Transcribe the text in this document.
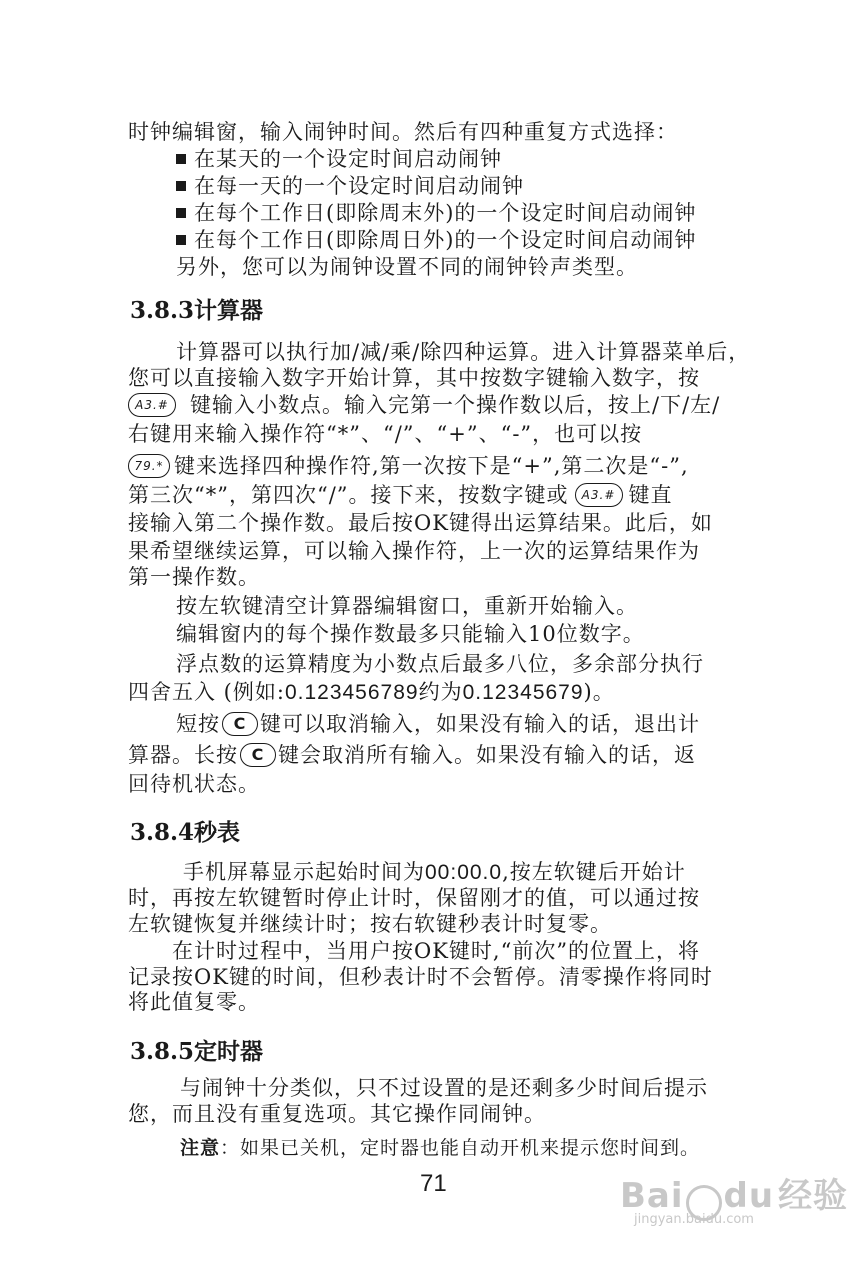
时钟编辑窗，输入闹钟时间。然后有四种重复方式选择：
在某天的一个设定时间启动闹钟
在每一天的一个设定时间启动闹钟
在每个工作日(即除周末外)的一个设定时间启动闹钟
在每个工作日(即除周日外)的一个设定时间启动闹钟
另外，您可以为闹钟设置不同的闹钟铃声类型。
3.8.3计算器
计算器可以执行加/减/乘/除四种运算。进入计算器菜单后，
您可以直接输入数字开始计算，其中按数字键输入数字，按
A3.# 键输入小数点。输入完第一个操作数以后，按上/下/左/
右键用来输入操作符“*”、“/”、“+”、“-”，也可以按
79.* 键来选择四种操作符,第一次按下是“+”,第二次是“-”,
第三次“*”，第四次“/”。接下来，按数字键或 A3.# 键直
接输入第二个操作数。最后按OK键得出运算结果。此后，如
果希望继续运算，可以输入操作符，上一次的运算结果作为
第一操作数。
按左软键清空计算器编辑窗口，重新开始输入。
编辑窗内的每个操作数最多只能输入10位数字。
浮点数的运算精度为小数点后最多八位，多余部分执行
四舍五入 (例如:0.123456789约为0.12345679)。
短按 C 键可以取消输入，如果没有输入的话，退出计
算器。长按 C 键会取消所有输入。如果没有输入的话，返
回待机状态。
3.8.4秒表
手机屏幕显示起始时间为00:00.0,按左软键后开始计
时，再按左软键暂时停止计时，保留刚才的值，可以通过按
左软键恢复并继续计时；按右软键秒表计时复零。
在计时过程中，当用户按OK键时,“前次”的位置上，将
记录按OK键的时间，但秒表计时不会暂停。清零操作将同时
将此值复零。
3.8.5定时器
与闹钟十分类似，只不过设置的是还剩多少时间后提示
您，而且没有重复选项。其它操作同闹钟。
注意：如果已关机，定时器也能自动开机来提示您时间到。
71	Bai du 经验
jingyan.baidu.com
